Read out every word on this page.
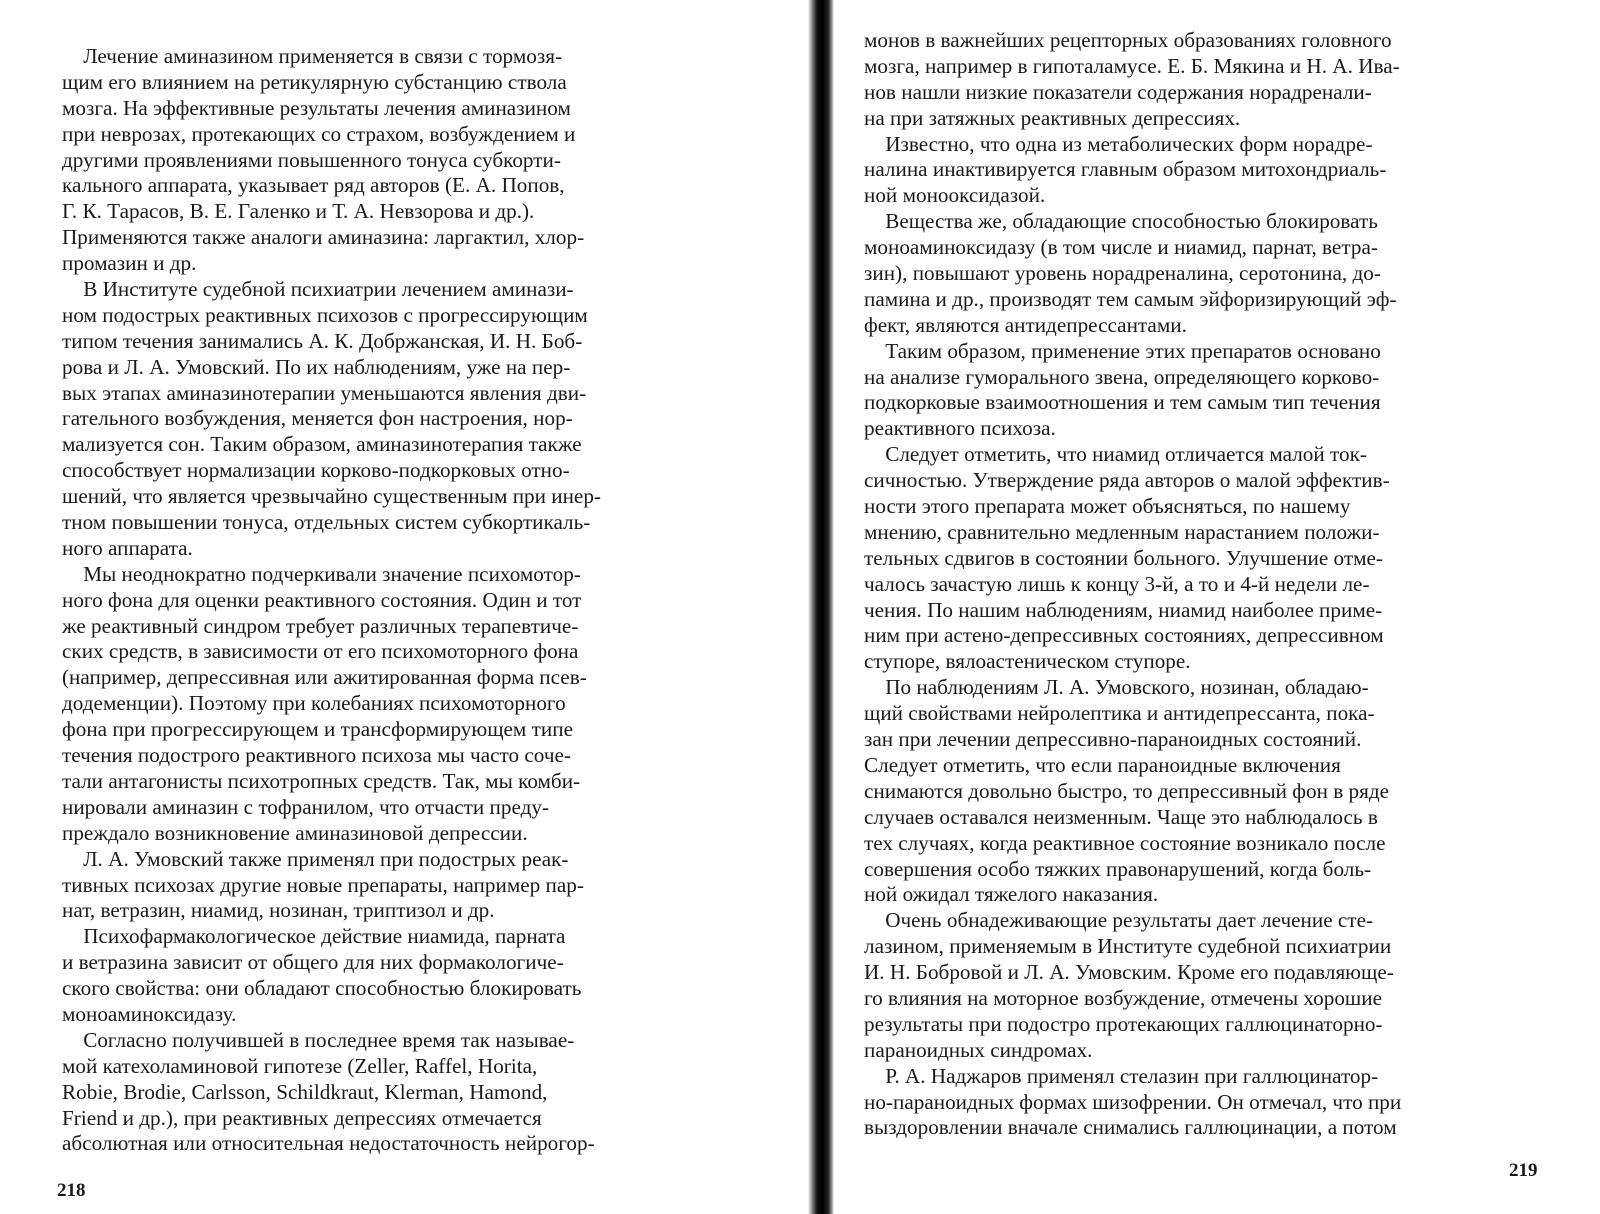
Лечение аминазином применяется в связи с тормозя-
щим его влиянием на ретикулярную субстанцию ствола
мозга. На эффективные результаты лечения аминазином
при неврозах, протекающих со страхом, возбуждением и
другими проявлениями повышенного тонуса субкорти-
кального аппарата, указывает ряд авторов (Е. А. Попов,
Г. К. Тарасов, В. Е. Галенко и Т. А. Невзорова и др.).
Применяются также аналоги аминазина: ларгактил, хлор-
промазин и др.
В Институте судебной психиатрии лечением аминази-
ном подострых реактивных психозов с прогрессирующим
типом течения занимались А. К. Добржанская, И. Н. Боб-
рова и Л. А. Умовский. По их наблюдениям, уже на пер-
вых этапах аминазинотерапии уменьшаются явления дви-
гательного возбуждения, меняется фон настроения, нор-
мализуется сон. Таким образом, аминазинотерапия также
способствует нормализации корково-подкорковых отно-
шений, что является чрезвычайно существенным при инер-
тном повышении тонуса, отдельных систем субкортикаль-
ного аппарата.
Мы неоднократно подчеркивали значение психомотор-
ного фона для оценки реактивного состояния. Один и тот
же реактивный синдром требует различных терапевтиче-
ских средств, в зависимости от его психомоторного фона
(например, депрессивная или ажитированная форма псев-
додеменции). Поэтому при колебаниях психомоторного
фона при прогрессирующем и трансформирующем типе
течения подострого реактивного психоза мы часто соче-
тали антагонисты психотропных средств. Так, мы комби-
нировали аминазин с тофранилом, что отчасти преду-
преждало возникновение аминазиновой депрессии.
Л. А. Умовский также применял при подострых реак-
тивных психозах другие новые препараты, например пар-
нат, ветразин, ниамид, нозинан, триптизол и др.
Психофармакологическое действие ниамида, парната
и ветразина зависит от общего для них формакологиче-
ского свойства: они обладают способностью блокировать
моноаминоксидазу.
Согласно получившей в последнее время так называе-
мой катехоламиновой гипотезе (Zeller, Raffel, Horita,
Robie, Brodie, Carlsson, Schildkraut, Klerman, Hamond,
Friend и др.), при реактивных депрессиях отмечается
абсолютная или относительная недостаточность нейрогор-
218
монов в важнейших рецепторных образованиях головного
мозга, например в гипоталамусе. Е. Б. Мякина и Н. А. Ива-
нов нашли низкие показатели содержания норадренали-
на при затяжных реактивных депрессиях.
Известно, что одна из метаболических форм норадре-
налина инактивируется главным образом митохондриаль-
ной моноoксидазой.
Вещества же, обладающие способностью блокировать
моноаминоксидазу (в том числе и ниамид, парнат, ветра-
зин), повышают уровень норадреналина, серотонина, до-
памина и др., производят тем самым эйфоризирующий эф-
фект, являются антидепрессантами.
Таким образом, применение этих препаратов основано
на анализе гуморального звена, определяющего корково-
подкорковые взаимоотношения и тем самым тип течения
реактивного психоза.
Следует отметить, что ниамид отличается малой ток-
сичностью. Утверждение ряда авторов о малой эффектив-
ности этого препарата может объясняться, по нашему
мнению, сравнительно медленным нарастанием положи-
тельных сдвигов в состоянии больного. Улучшение отме-
чалось зачастую лишь к концу 3-й, а то и 4-й недели ле-
чения. По нашим наблюдениям, ниамид наиболее приме-
ним при астено-депрессивных состояниях, депрессивном
ступоре, вялоастеническом ступоре.
По наблюдениям Л. А. Умовского, нозинан, обладаю-
щий свойствами нейролептика и антидепрессанта, пока-
зан при лечении депрессивно-параноидных состояний.
Следует отметить, что если параноидные включения
снимаются довольно быстро, то депрессивный фон в ряде
случаев оставался неизменным. Чаще это наблюдалось в
тех случаях, когда реактивное состояние возникало после
совершения особо тяжких правонарушений, когда боль-
ной ожидал тяжелого наказания.
Очень обнадеживающие результаты дает лечение сте-
лазином, применяемым в Институте судебной психиатрии
И. Н. Бобровой и Л. А. Умовским. Кроме его подавляюще-
го влияния на моторное возбуждение, отмечены хорошие
результаты при подостро протекающих галлюцинаторно-
параноидных синдромах.
Р. А. Наджаров применял стелазин при галлюцинатор-
но-параноидных формах шизофрении. Он отмечал, что при
выздоровлении вначале снимались галлюцинации, а потом
219
